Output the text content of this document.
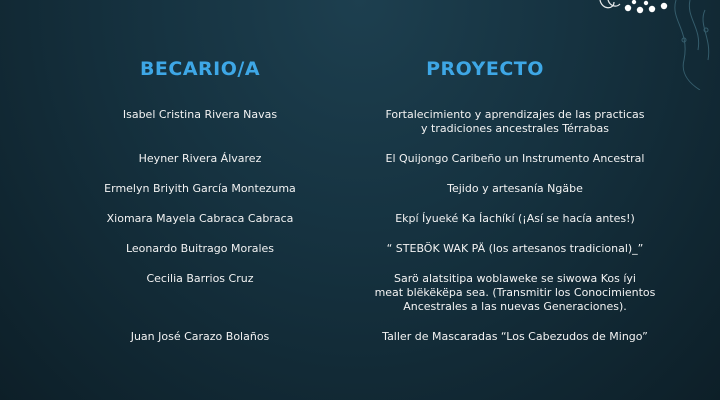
BECARIO/A	PROYECTO
Isabel Cristina Rivera Navas	Fortalecimiento y aprendizajes de las practicas
y tradiciones ancestrales Térrabas
Heyner Rivera Álvarez	El Quijongo Caribeño un Instrumento Ancestral
Ermelyn Briyith García Montezuma	Tejido y artesanía Ngäbe
Xiomara Mayela Cabraca Cabraca	Ekpí Íyueké Ka Íachíkí (¡Así se hacía antes!)
Leonardo Buitrago Morales	“ STEBÖK WAK PÄ (los artesanos tradicional)_”
Cecilia Barrios Cruz	Sarö alatsitipa woblaweke se siwowa Kos íyi
meat blëkëkëpa sea. (Transmitir los Conocimientos
Ancestrales a las nuevas Generaciones).
Juan José Carazo Bolaños	Taller de Mascaradas “Los Cabezudos de Mingo”
